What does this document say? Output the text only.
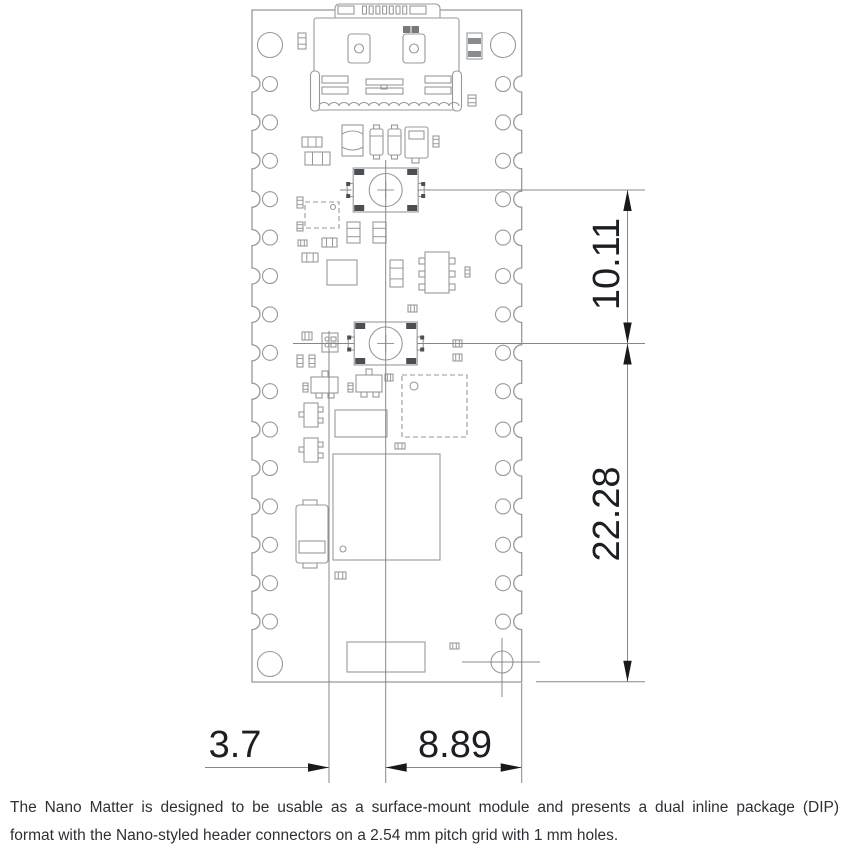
10.11
22.28
3.7	8.89
The Nano Matter is designed to be usable as a surface-mount module and presents a dual inline package (DIP)
format with the Nano-styled header connectors on a 2.54 mm pitch grid with 1 mm holes.
